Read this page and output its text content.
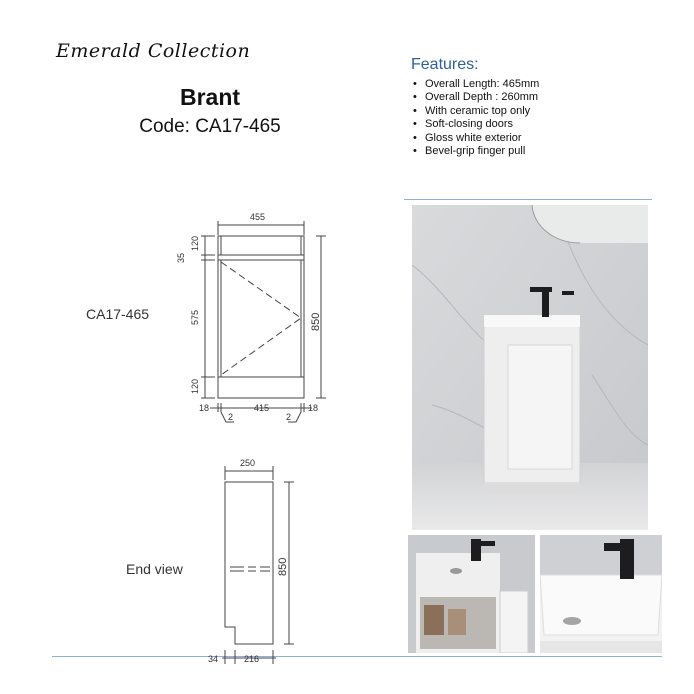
Emerald Collection
Brant
Code: CA17-465
Features:
• Overall Length: 465mm
• Overall Depth : 260mm
• With ceramic top only
• Soft-closing doors
• Gloss white exterior
• Bevel-grip finger pull
CA17-465
End view
455
120
35
575
120
850
18	415	18
2	2
250
850
34	216
